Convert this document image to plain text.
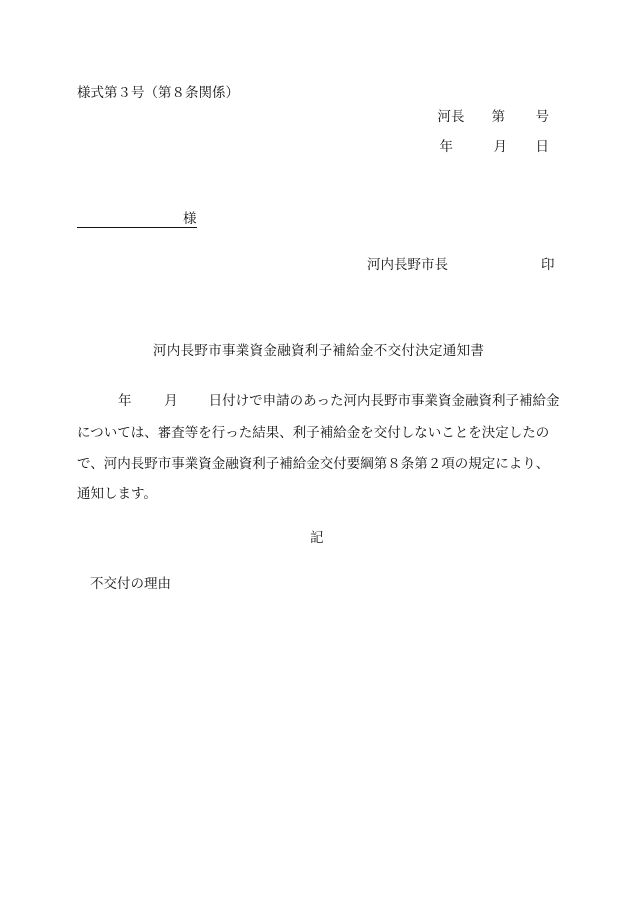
様式第３号（第８条関係）
河長	第	号
年	月	日
様
河内長野市長	印
河内長野市事業資金融資利子補給金不交付決定通知書
年 月 日付けで申請のあった河内長野市事業資金融資利子補給金
については、審査等を行った結果、利子補給金を交付しないことを決定したの
で、河内長野市事業資金融資利子補給金交付要綱第８条第２項の規定により、
通知します。
記
不交付の理由
